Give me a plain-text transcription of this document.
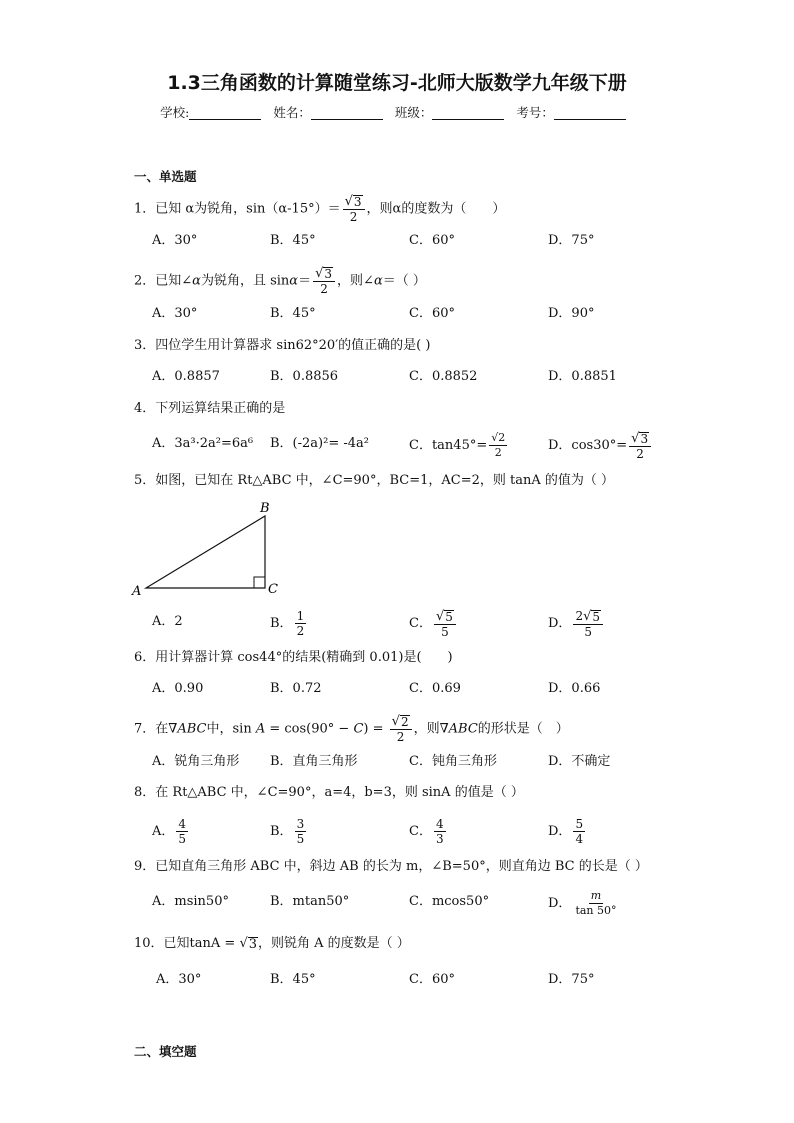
1.3三角函数的计算随堂练习-北师大版数学九年级下册
学校:	姓名：	班级：	考号：
一、单选题
1．已知 α为锐角，$\sin(\alpha-15^\circ)= \frac{√ 3}{2}$ ，则α的度数为（　　）
A．30°	B．45°	C．60°	D．75°
2．已知∠α为锐角，且 $\sin\alpha= \frac{√ 3}{2}$ ，则∠α＝（ ）
A．30°	B．45°	C．60°	D．90°
3．四位学生用计算器求 sin62°20′的值正确的是( )
A．0.8857	B．0.8856	C．0.8852	D．0.8851
4．下列运算结果正确的是
A．3a³·2a²=6a⁶ B．(-2a)²= -4a²	C．$\tan 45^\circ= \frac{√2}{2}$	D．$\cos 30^\circ= \frac{√ 3}{2}$
5．如图，已知在 Rt△ABC 中，∠C=90°，BC=1，AC=2，则 tanA 的值为（ ）
A
B
C
A．2	B． $\frac{1}{2}$	C． $\frac{√ 5}{5}$	D． $\frac{2 √ 5}{5}$
6．用计算器计算 cos44°的结果(精确到 0.01)是(　　)
A．0.90	B．0.72	C．0.69	D．0.66
7．在∇ABC中，$\sin A = \cos(90^\circ - C) = \frac{√ 2}{2}$ ，则∇ABC的形状是（　）
A．锐角三角形 B．直角三角形	C．钝角三角形	D．不确定
8．在 Rt△ABC 中，∠C=90°，a=4，b=3，则 sinA 的值是（ ）
A． $\frac{4}{5}$	B． $\frac{3}{5}$	C． $\frac{4}{3}$	D． $\frac{5}{4}$
9．已知直角三角形 ABC 中，斜边 AB 的长为 m，∠B=50°，则直角边 BC 的长是（ ）
A．msin50°	B．mtan50°	C．mcos50°	D． $\frac{m}{\tan 50^\circ}$
10．已知tanA = √ 3 ，则锐角 A 的度数是（ ）
A．30°	B．45°	C．60°	D．75°
二、填空题
